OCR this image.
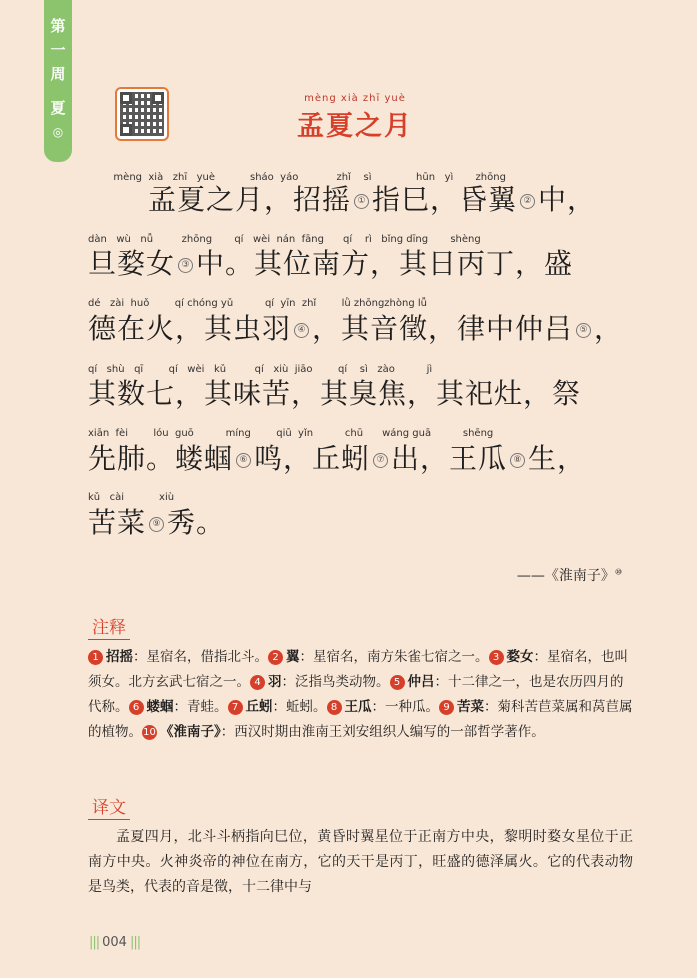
第
一
周
夏
◎
mèng xià zhī yuè
孟夏之月
mèng  xià   zhī   yuè           sháo  yáo            zhǐ    sì              hūn   yì       zhōng
孟夏之月，招摇 ① 指巳，昏翼 ② 中，
dàn   wù   nǚ         zhōng       qí   wèi  nán  fāng      qí    rì   bǐng dīng       shèng
旦婺女 ③ 中。其位南方，其日丙丁，盛
dé   zài  huǒ        qí chóng yǔ          qí  yīn  zhǐ        lǜ zhōngzhòng lǚ
德在火，其虫羽 ④ ，其音徵，律中仲吕 ⑤ ，
qí   shù   qī        qí   wèi   kǔ         qí   xiù  jiāo        qí    sì   zào          jì
其数七，其味苦，其臭焦，其祀灶，祭
xiān  fèi        lóu  guō          míng        qiū  yǐn          chū      wáng guā          shēng
先肺。蝼蝈 ⑥ 鸣，丘蚓 ⑦ 出，王瓜 ⑧ 生，
kǔ   cài           xiù
苦菜 ⑨ 秀。
——《淮南子》⑩
注释
1 招摇：星宿名，借指北斗。 2 翼：星宿名，南方朱雀七宿之一。 3 婺女：星宿名，也叫须女。北方玄武七宿之一。 4 羽：泛指鸟类动物。 5 仲吕：十二律之一，也是农历四月的代称。 6 蝼蝈：青蛙。 7 丘蚓：蚯蚓。 8 王瓜：一种瓜。 9 苦菜：菊科苦苣菜属和莴苣属的植物。10 《淮南子》：西汉时期由淮南王刘安组织人编写的一部哲学著作。
译文
孟夏四月，北斗斗柄指向巳位，黄昏时翼星位于正南方中央，黎明时婺女星位于正南方中央。火神炎帝的神位在南方，它的天干是丙丁，旺盛的德泽属火。它的代表动物是鸟类，代表的音是徵，十二律中与
||| 004 |||
